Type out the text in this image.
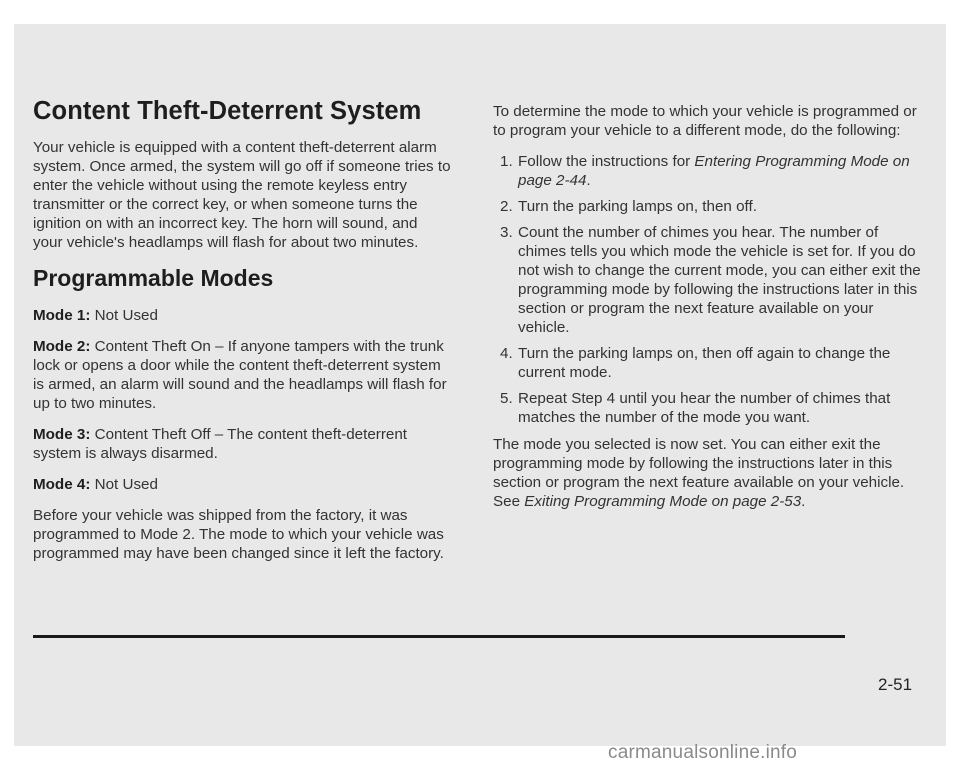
Content Theft-Deterrent System

Your vehicle is equipped with a content theft-deterrent alarm system. Once armed, the system will go off if someone tries to enter the vehicle without using the remote keyless entry transmitter or the correct key, or when someone turns the ignition on with an incorrect key. The horn will sound, and your vehicle's headlamps will flash for about two minutes.

Programmable Modes

Mode 1: Not Used

Mode 2: Content Theft On – If anyone tampers with the trunk lock or opens a door while the content theft-deterrent system is armed, an alarm will sound and the headlamps will flash for up to two minutes.

Mode 3: Content Theft Off – The content theft-deterrent system is always disarmed.

Mode 4: Not Used

Before your vehicle was shipped from the factory, it was programmed to Mode 2. The mode to which your vehicle was programmed may have been changed since it left the factory.

To determine the mode to which your vehicle is programmed or to program your vehicle to a different mode, do the following:

1. Follow the instructions for Entering Programming Mode on page 2-44.
2. Turn the parking lamps on, then off.
3. Count the number of chimes you hear. The number of chimes tells you which mode the vehicle is set for. If you do not wish to change the current mode, you can either exit the programming mode by following the instructions later in this section or program the next feature available on your vehicle.
4. Turn the parking lamps on, then off again to change the current mode.
5. Repeat Step 4 until you hear the number of chimes that matches the number of the mode you want.

The mode you selected is now set. You can either exit the programming mode by following the instructions later in this section or program the next feature available on your vehicle. See Exiting Programming Mode on page 2-53.

2-51
carmanualsonline.info
